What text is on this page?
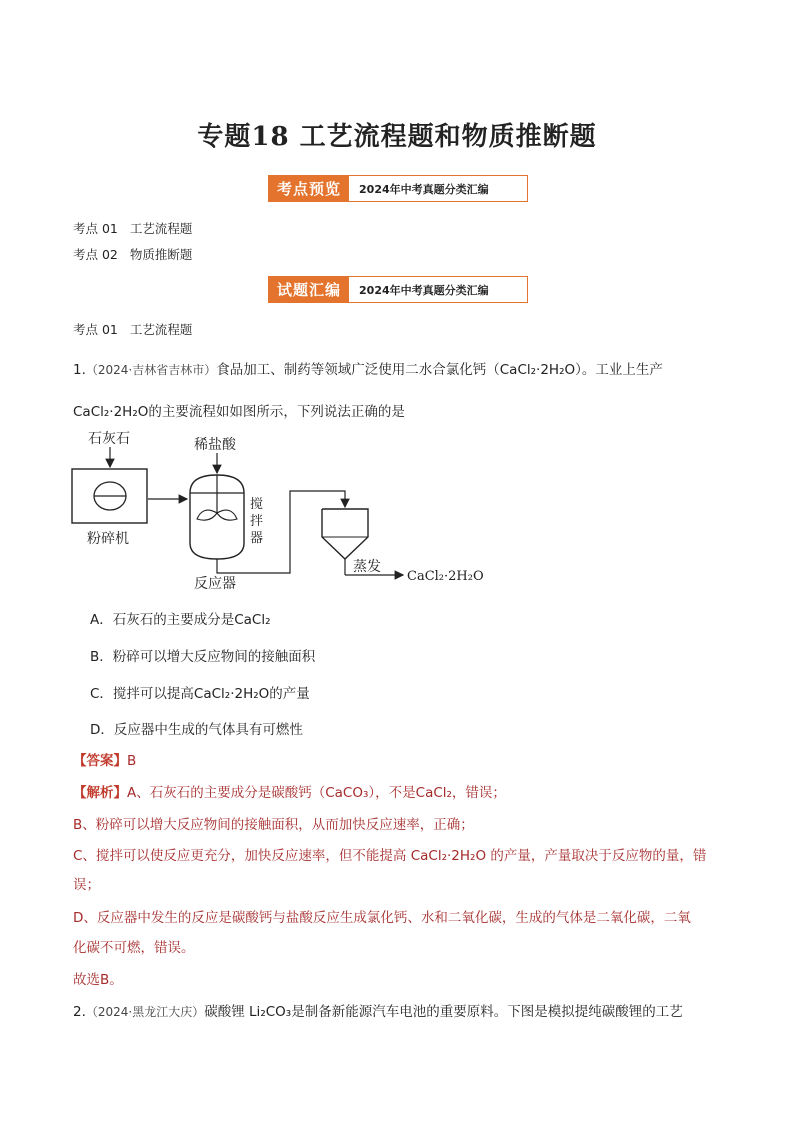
专题18 工艺流程题和物质推断题
考点预览	2024年中考真题分类汇编
考点 01 工艺流程题
考点 02 物质推断题
试题汇编	2024年中考真题分类汇编
考点 01 工艺流程题
1.（2024·吉林省吉林市）食品加工、制药等领域广泛使用二水合氯化钙（CaCl₂·2H₂O）。工业上生产
CaCl₂·2H₂O的主要流程如如图所示，下列说法正确的是
石灰石
粉碎机
稀盐酸
搅
拌
器
反应器
蒸发
CaCl₂·2H₂O
A．石灰石的主要成分是CaCl₂
B．粉碎可以增大反应物间的接触面积
C．搅拌可以提高CaCl₂·2H₂O的产量
D．反应器中生成的气体具有可燃性
【答案】B
【解析】A、石灰石的主要成分是碳酸钙（CaCO₃），不是CaCl₂，错误；
B、粉碎可以增大反应物间的接触面积，从而加快反应速率，正确；
C、搅拌可以使反应更充分，加快反应速率，但不能提高 CaCl₂·2H₂O 的产量，产量取决于反应物的量，错
误；
D、反应器中发生的反应是碳酸钙与盐酸反应生成氯化钙、水和二氧化碳，生成的气体是二氧化碳，二氧
化碳不可燃，错误。
故选B。
2.（2024·黑龙江大庆）碳酸锂 Li₂CO₃是制备新能源汽车电池的重要原料。下图是模拟提纯碳酸锂的工艺
